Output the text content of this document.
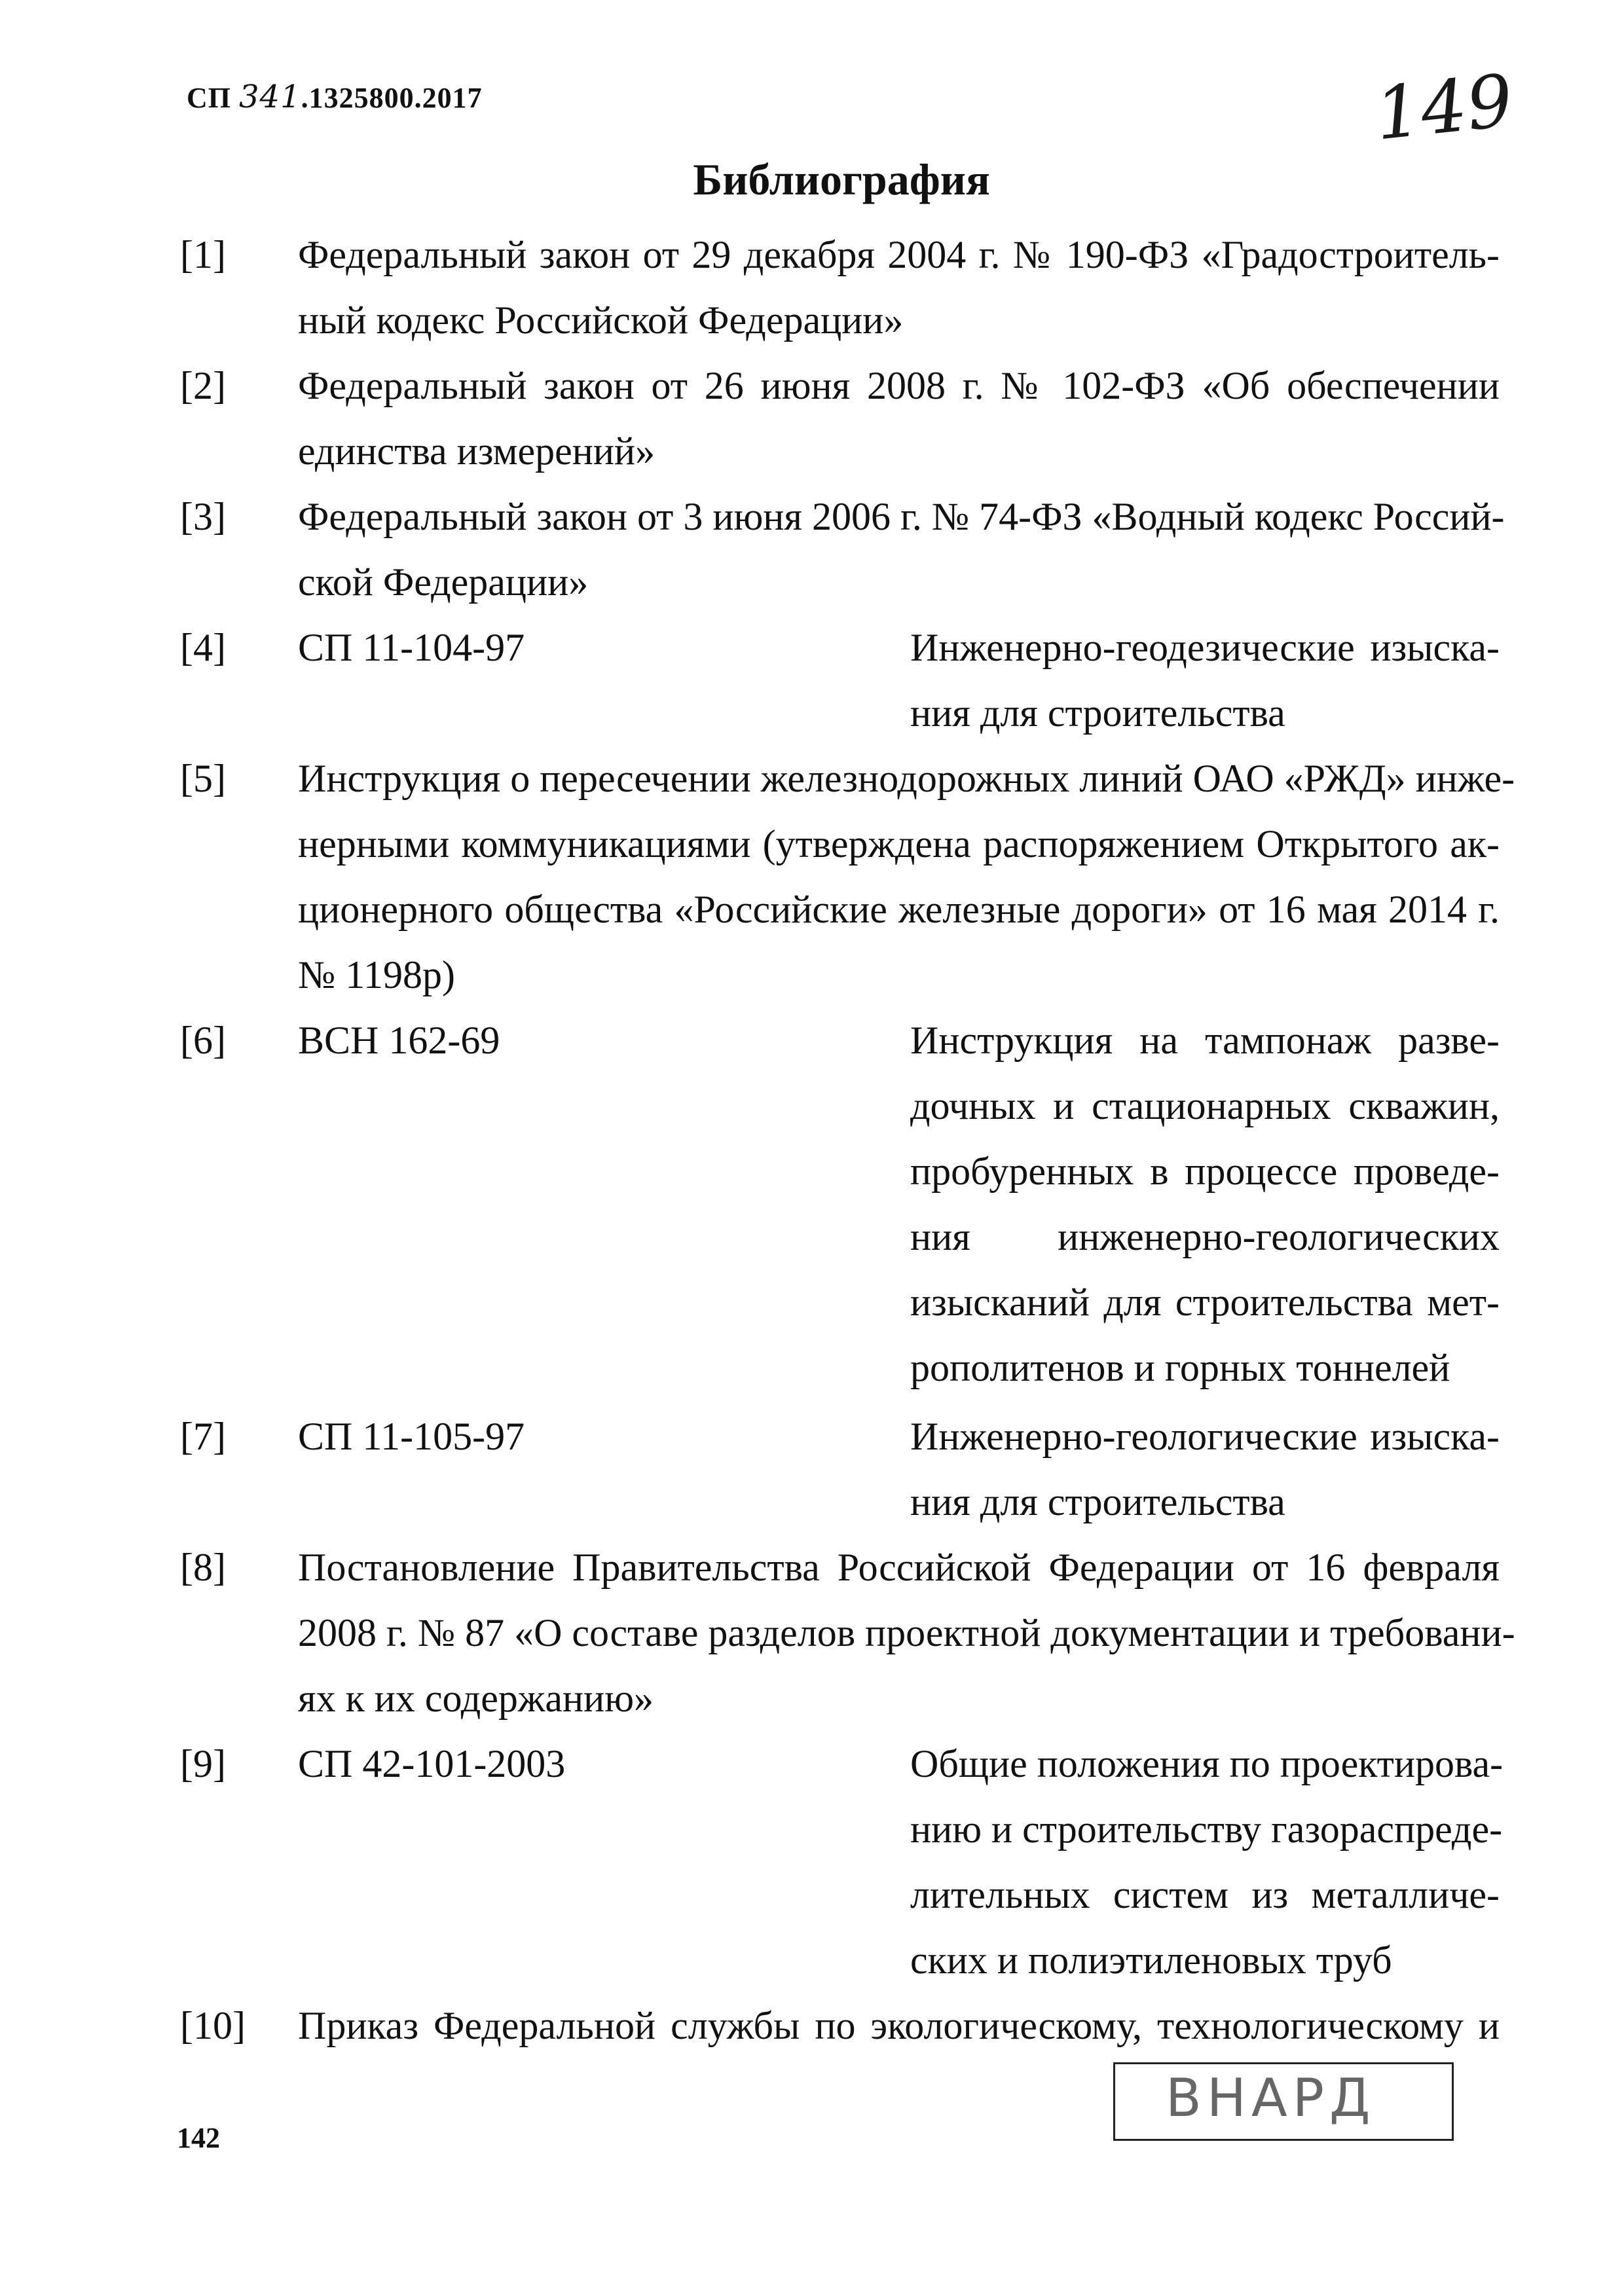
СП 341.1325800.2017	149
Библиография
[1] Федеральный закон от 29 декабря 2004 г. № 190-ФЗ «Градостроитель-
ный кодекс Российской Федерации»
[2] Федеральный закон от 26 июня 2008 г. № 102-ФЗ «Об обеспечении
единства измерений»
[3] Федеральный закон от 3 июня 2006 г. № 74-ФЗ «Водный кодекс Россий-
ской Федерации»
[4] СП 11-104-97	Инженерно-геодезические изыска-
ния для строительства
[5] Инструкция о пересечении железнодорожных линий ОАО «РЖД» инже-
нерными коммуникациями (утверждена распоряжением Открытого ак-
ционерного общества «Российские железные дороги» от 16 мая 2014 г.
№ 1198р)
[6] ВСН 162-69	Инструкция на тампонаж разве-
дочных и стационарных скважин,
пробуренных в процессе проведе-
ния инженерно-геологических
изысканий для строительства мет-
рополитенов и горных тоннелей
[7] СП 11-105-97	Инженерно-геологические изыска-
ния для строительства
[8] Постановление Правительства Российской Федерации от 16 февраля
2008 г. № 87 «О составе разделов проектной документации и требовани-
ях к их содержанию»
[9] СП 42-101-2003	Общие положения по проектирова-
нию и строительству газораспреде-
лительных систем из металличе-
ских и полиэтиленовых труб
[10] Приказ Федеральной службы по экологическому, технологическому и
142
ВНАРД
